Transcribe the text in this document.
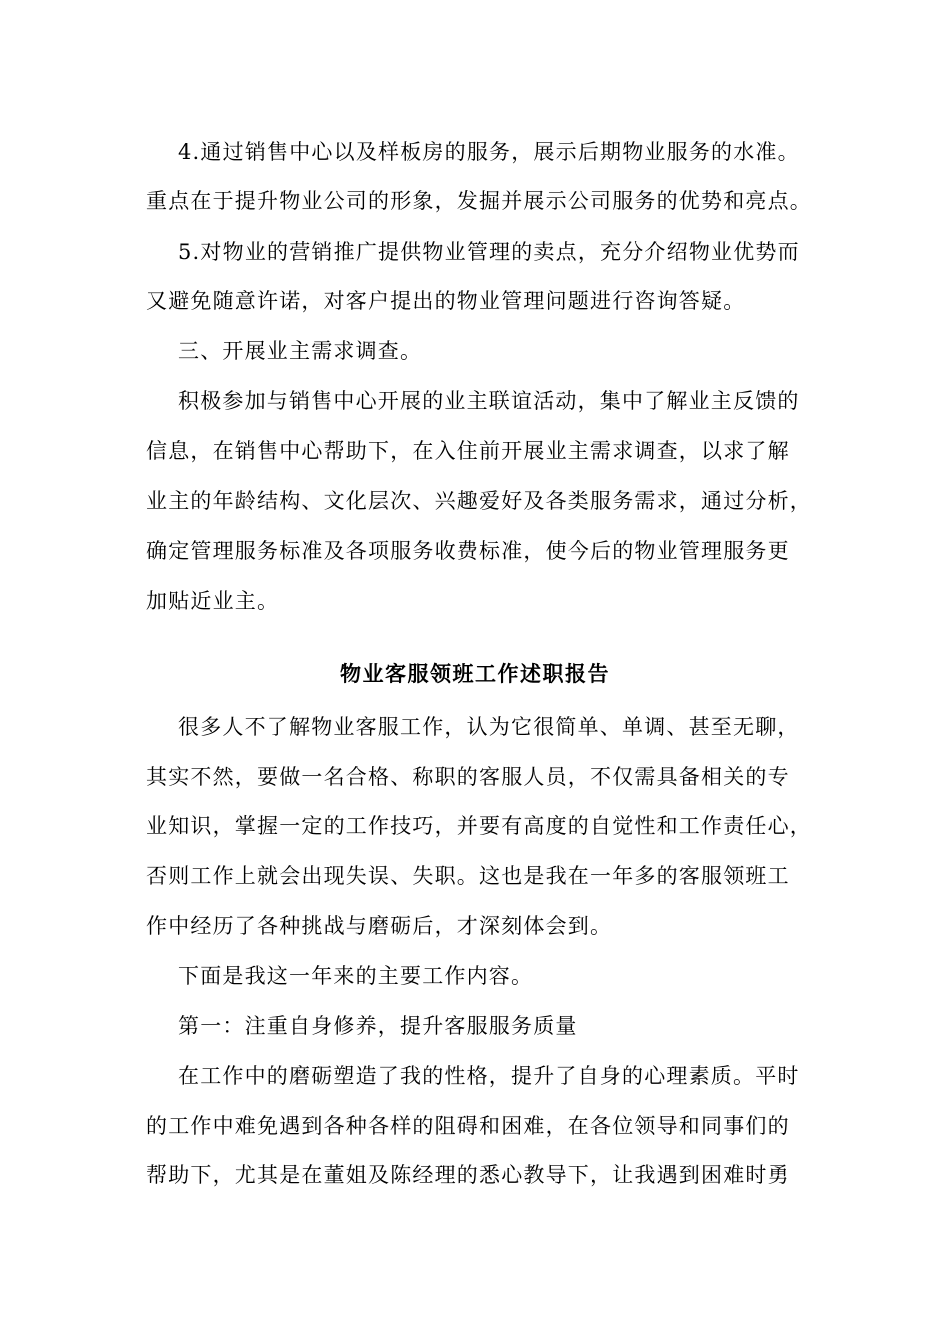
4.通过销售中心以及样板房的服务，展示后期物业服务的水准。
重点在于提升物业公司的形象，发掘并展示公司服务的优势和亮点。
5.对物业的营销推广提供物业管理的卖点，充分介绍物业优势而
又避免随意许诺，对客户提出的物业管理问题进行咨询答疑。
三、开展业主需求调查。
积极参加与销售中心开展的业主联谊活动，集中了解业主反馈的
信息，在销售中心帮助下，在入住前开展业主需求调查，以求了解
业主的年龄结构、文化层次、兴趣爱好及各类服务需求，通过分析，
确定管理服务标准及各项服务收费标准，使今后的物业管理服务更
加贴近业主。
物业客服领班工作述职报告
很多人不了解物业客服工作，认为它很简单、单调、甚至无聊，
其实不然，要做一名合格、称职的客服人员，不仅需具备相关的专
业知识，掌握一定的工作技巧，并要有高度的自觉性和工作责任心，
否则工作上就会出现失误、失职。这也是我在一年多的客服领班工
作中经历了各种挑战与磨砺后，才深刻体会到。
下面是我这一年来的主要工作内容。
第一：注重自身修养，提升客服服务质量
在工作中的磨砺塑造了我的性格，提升了自身的心理素质。平时
的工作中难免遇到各种各样的阻碍和困难，在各位领导和同事们的
帮助下，尤其是在董姐及陈经理的悉心教导下，让我遇到困难时勇
